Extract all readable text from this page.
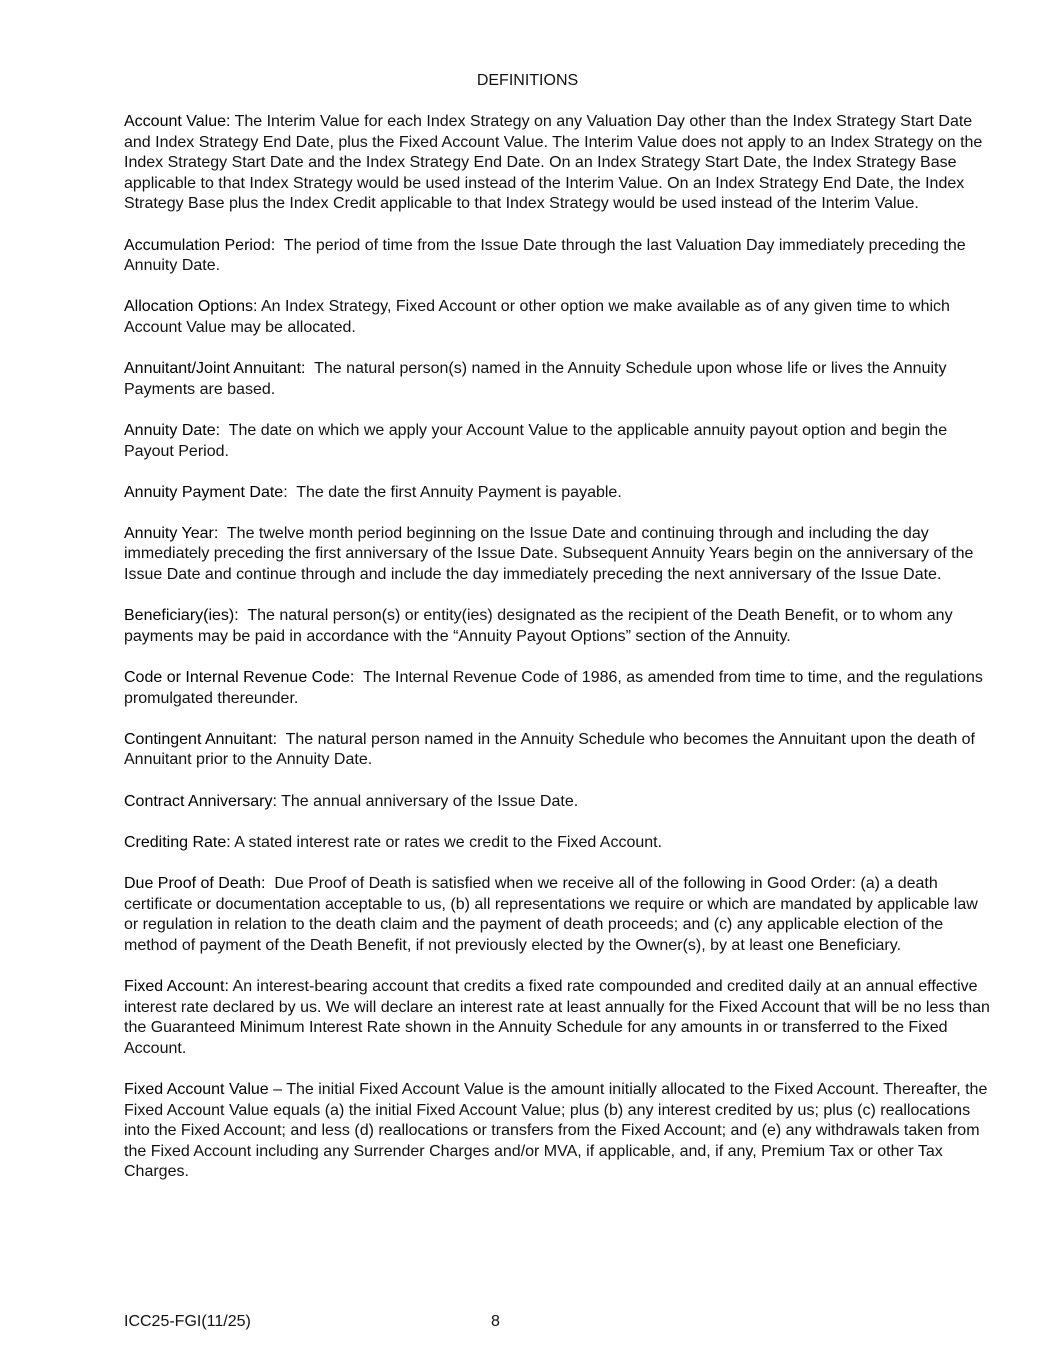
DEFINITIONS

Account Value: The Interim Value for each Index Strategy on any Valuation Day other than the Index Strategy Start Date and Index Strategy End Date, plus the Fixed Account Value. The Interim Value does not apply to an Index Strategy on the Index Strategy Start Date and the Index Strategy End Date. On an Index Strategy Start Date, the Index Strategy Base applicable to that Index Strategy would be used instead of the Interim Value. On an Index Strategy End Date, the Index Strategy Base plus the Index Credit applicable to that Index Strategy would be used instead of the Interim Value.

Accumulation Period: The period of time from the Issue Date through the last Valuation Day immediately preceding the Annuity Date.

Allocation Options: An Index Strategy, Fixed Account or other option we make available as of any given time to which Account Value may be allocated.

Annuitant/Joint Annuitant: The natural person(s) named in the Annuity Schedule upon whose life or lives the Annuity Payments are based.

Annuity Date: The date on which we apply your Account Value to the applicable annuity payout option and begin the Payout Period.

Annuity Payment Date: The date the first Annuity Payment is payable.

Annuity Year: The twelve month period beginning on the Issue Date and continuing through and including the day immediately preceding the first anniversary of the Issue Date. Subsequent Annuity Years begin on the anniversary of the Issue Date and continue through and include the day immediately preceding the next anniversary of the Issue Date.

Beneficiary(ies): The natural person(s) or entity(ies) designated as the recipient of the Death Benefit, or to whom any payments may be paid in accordance with the “Annuity Payout Options” section of the Annuity.

Code or Internal Revenue Code: The Internal Revenue Code of 1986, as amended from time to time, and the regulations promulgated thereunder.

Contingent Annuitant: The natural person named in the Annuity Schedule who becomes the Annuitant upon the death of Annuitant prior to the Annuity Date.

Contract Anniversary: The annual anniversary of the Issue Date.

Crediting Rate: A stated interest rate or rates we credit to the Fixed Account.

Due Proof of Death: Due Proof of Death is satisfied when we receive all of the following in Good Order: (a) a death certificate or documentation acceptable to us, (b) all representations we require or which are mandated by applicable law or regulation in relation to the death claim and the payment of death proceeds; and (c) any applicable election of the method of payment of the Death Benefit, if not previously elected by the Owner(s), by at least one Beneficiary.

Fixed Account: An interest-bearing account that credits a fixed rate compounded and credited daily at an annual effective interest rate declared by us. We will declare an interest rate at least annually for the Fixed Account that will be no less than the Guaranteed Minimum Interest Rate shown in the Annuity Schedule for any amounts in or transferred to the Fixed Account.

Fixed Account Value – The initial Fixed Account Value is the amount initially allocated to the Fixed Account. Thereafter, the Fixed Account Value equals (a) the initial Fixed Account Value; plus (b) any interest credited by us; plus (c) reallocations into the Fixed Account; and less (d) reallocations or transfers from the Fixed Account; and (e) any withdrawals taken from the Fixed Account including any Surrender Charges and/or MVA, if applicable, and, if any, Premium Tax or other Tax Charges.

ICC25-FGI(11/25)	8
